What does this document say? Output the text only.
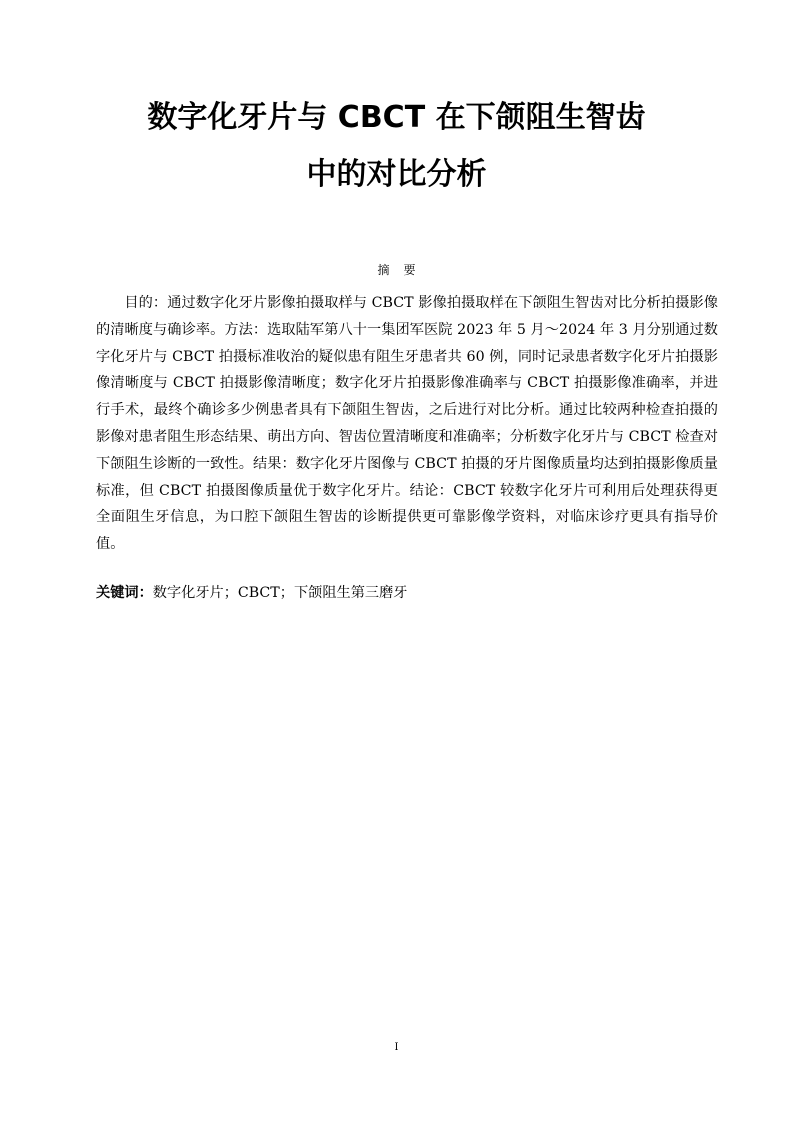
数字化牙片与 CBCT 在下颌阻生智齿
中的对比分析
摘要

目的：通过数字化牙片影像拍摄取样与 CBCT 影像拍摄取样在下颌阻生智齿对比分析拍摄影像的清晰度与确诊率。方法：选取陆军第八十一集团军医院 2023 年 5 月～2024 年 3 月分别通过数字化牙片与 CBCT 拍摄标准收治的疑似患有阻生牙患者共 60 例，同时记录患者数字化牙片拍摄影像清晰度与 CBCT 拍摄影像清晰度；数字化牙片拍摄影像准确率与 CBCT 拍摄影像准确率，并进行手术，最终个确诊多少例患者具有下颌阻生智齿，之后进行对比分析。通过比较两种检查拍摄的影像对患者阻生形态结果、萌出方向、智齿位置清晰度和准确率；分析数字化牙片与 CBCT 检查对下颌阻生诊断的一致性。结果：数字化牙片图像与 CBCT 拍摄的牙片图像质量均达到拍摄影像质量标准，但 CBCT 拍摄图像质量优于数字化牙片。结论：CBCT 较数字化牙片可利用后处理获得更全面阻生牙信息，为口腔下颌阻生智齿的诊断提供更可靠影像学资料，对临床诊疗更具有指导价值。

关键词：数字化牙片；CBCT；下颌阻生第三磨牙
I
